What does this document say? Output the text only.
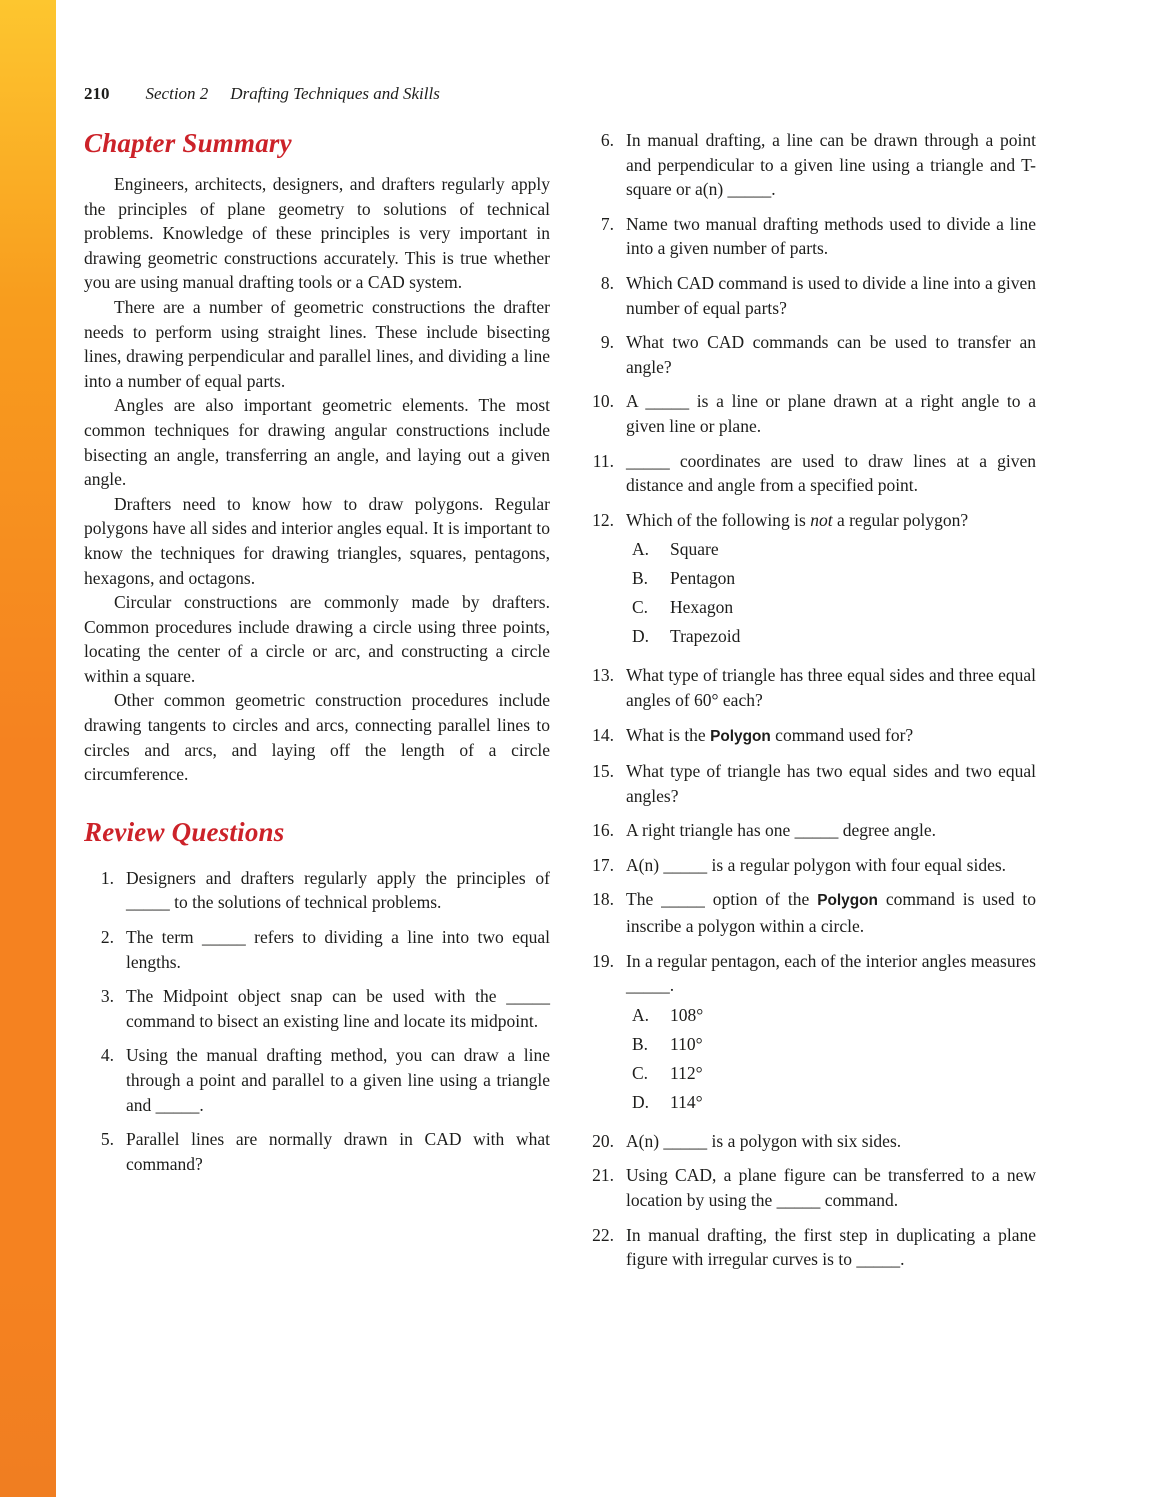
210 Section 2 Drafting Techniques and Skills
Chapter Summary

Engineers, architects, designers, and drafters regularly apply the principles of plane geometry to solutions of technical problems. Knowledge of these principles is very important in drawing geometric constructions accurately. This is true whether you are using manual drafting tools or a CAD system.

There are a number of geometric constructions the drafter needs to perform using straight lines. These include bisecting lines, drawing perpendicular and parallel lines, and dividing a line into a number of equal parts.

Angles are also important geometric elements. The most common techniques for drawing angular constructions include bisecting an angle, transferring an angle, and laying out a given angle.

Drafters need to know how to draw polygons. Regular polygons have all sides and interior angles equal. It is important to know the techniques for drawing triangles, squares, pentagons, hexagons, and octagons.

Circular constructions are commonly made by drafters. Common procedures include drawing a circle using three points, locating the center of a circle or arc, and constructing a circle within a square.

Other common geometric construction procedures include drawing tangents to circles and arcs, connecting parallel lines to circles and arcs, and laying off the length of a circle circumference.

Review Questions
1. Designers and drafters regularly apply the principles of _____ to the solutions of technical problems.
2. The term _____ refers to dividing a line into two equal lengths.
3. The Midpoint object snap can be used with the _____ command to bisect an existing line and locate its midpoint.
4. Using the manual drafting method, you can draw a line through a point and parallel to a given line using a triangle and _____.
5. Parallel lines are normally drawn in CAD with what command?
6. In manual drafting, a line can be drawn through a point and perpendicular to a given line using a triangle and T-square or a(n) _____.
7. Name two manual drafting methods used to divide a line into a given number of parts.
8. Which CAD command is used to divide a line into a given number of equal parts?
9. What two CAD commands can be used to transfer an angle?
10. A _____ is a line or plane drawn at a right angle to a given line or plane.
11. _____ coordinates are used to draw lines at a given distance and angle from a specified point.
12. Which of the following is not a regular polygon?
A.	Square
B.	Pentagon
C.	Hexagon
D.	Trapezoid
13. What type of triangle has three equal sides and three equal angles of 60° each?
14. What is the Polygon command used for?
15. What type of triangle has two equal sides and two equal angles?
16. A right triangle has one _____ degree angle.
17. A(n) _____ is a regular polygon with four equal sides.
18. The _____ option of the Polygon command is used to inscribe a polygon within a circle.
19. In a regular pentagon, each of the interior angles measures _____.
A.	108°
B.	110°
C.	112°
D.	114°
20. A(n) _____ is a polygon with six sides.
21. Using CAD, a plane figure can be transferred to a new location by using the _____ command.
22. In manual drafting, the first step in duplicating a plane figure with irregular curves is to _____.
